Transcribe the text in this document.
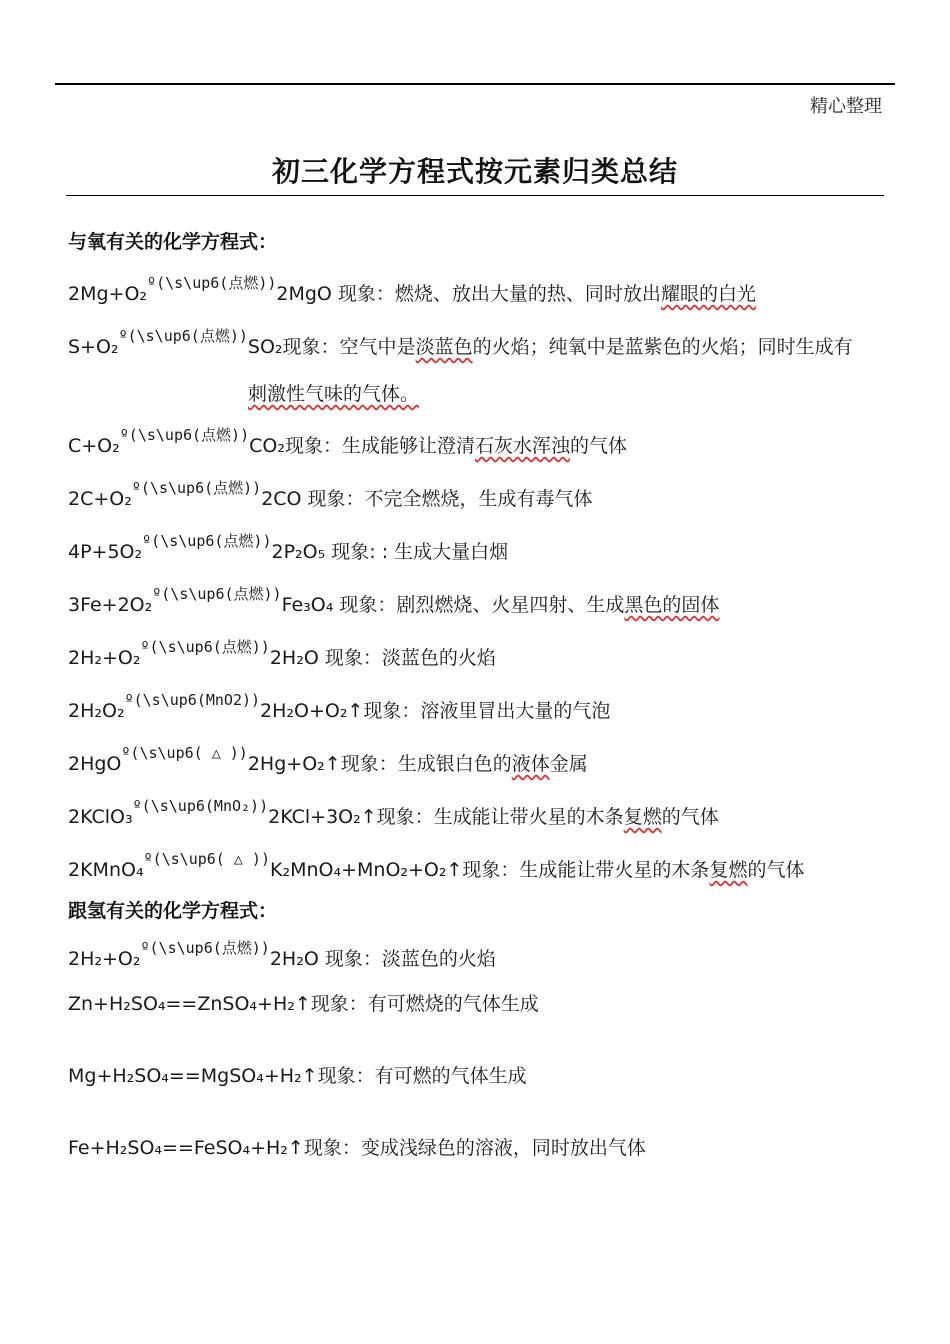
精心整理
初三化学方程式按元素归类总结
与氧有关的化学方程式：
2Mg+O₂$^{º(\backslash s\backslash up6(点燃))}$2MgO 现象：燃烧、放出大量的热、同时放出耀眼的白光
S+O₂$^{º(\backslash s\backslash up6(点燃))}$SO₂现象：空气中是淡蓝色的火焰；纯氧中是蓝紫色的火焰；同时生成有
刺激性气味的气体。
C+O₂$^{º(\backslash s\backslash up6(点燃))}$CO₂现象：生成能够让澄清石灰水浑浊的气体
2C+O₂$^{º(\backslash s\backslash up6(点燃))}$2CO 现象：不完全燃烧，生成有毒气体
4P+5O₂$^{º(\backslash s\backslash up6(点燃))}$2P₂O₅ 现象: : 生成大量白烟
3Fe+2O₂$^{º(\backslash s\backslash up6(点燃))}$Fe₃O₄ 现象：剧烈燃烧、火星四射、生成黑色的固体
2H₂+O₂$^{º(\backslash s\backslash up6(点燃))}$2H₂O 现象：淡蓝色的火焰
2H₂O₂$^{º(\backslash s\backslash up6(MnO2))}$2H₂O+O₂↑现象：溶液里冒出大量的气泡
2HgO$^{º(\backslash s\backslash up6( \triangle ))}$2Hg+O₂↑现象：生成银白色的液体金属
2KClO₃$^{º(\backslash s\backslash up6(MnO_2))}$2KCl+3O₂↑现象：生成能让带火星的木条复燃的气体
2KMnO₄$^{º(\backslash s\backslash up6( \triangle ))}$K₂MnO₄+MnO₂+O₂↑现象：生成能让带火星的木条复燃的气体
跟氢有关的化学方程式：
2H₂+O₂$^{º(\backslash s\backslash up6(点燃))}$2H₂O 现象：淡蓝色的火焰
Zn+H₂SO₄==ZnSO₄+H₂↑现象：有可燃烧的气体生成
Mg+H₂SO₄==MgSO₄+H₂↑现象：有可燃的气体生成
Fe+H₂SO₄==FeSO₄+H₂↑现象：变成浅绿色的溶液，同时放出气体
